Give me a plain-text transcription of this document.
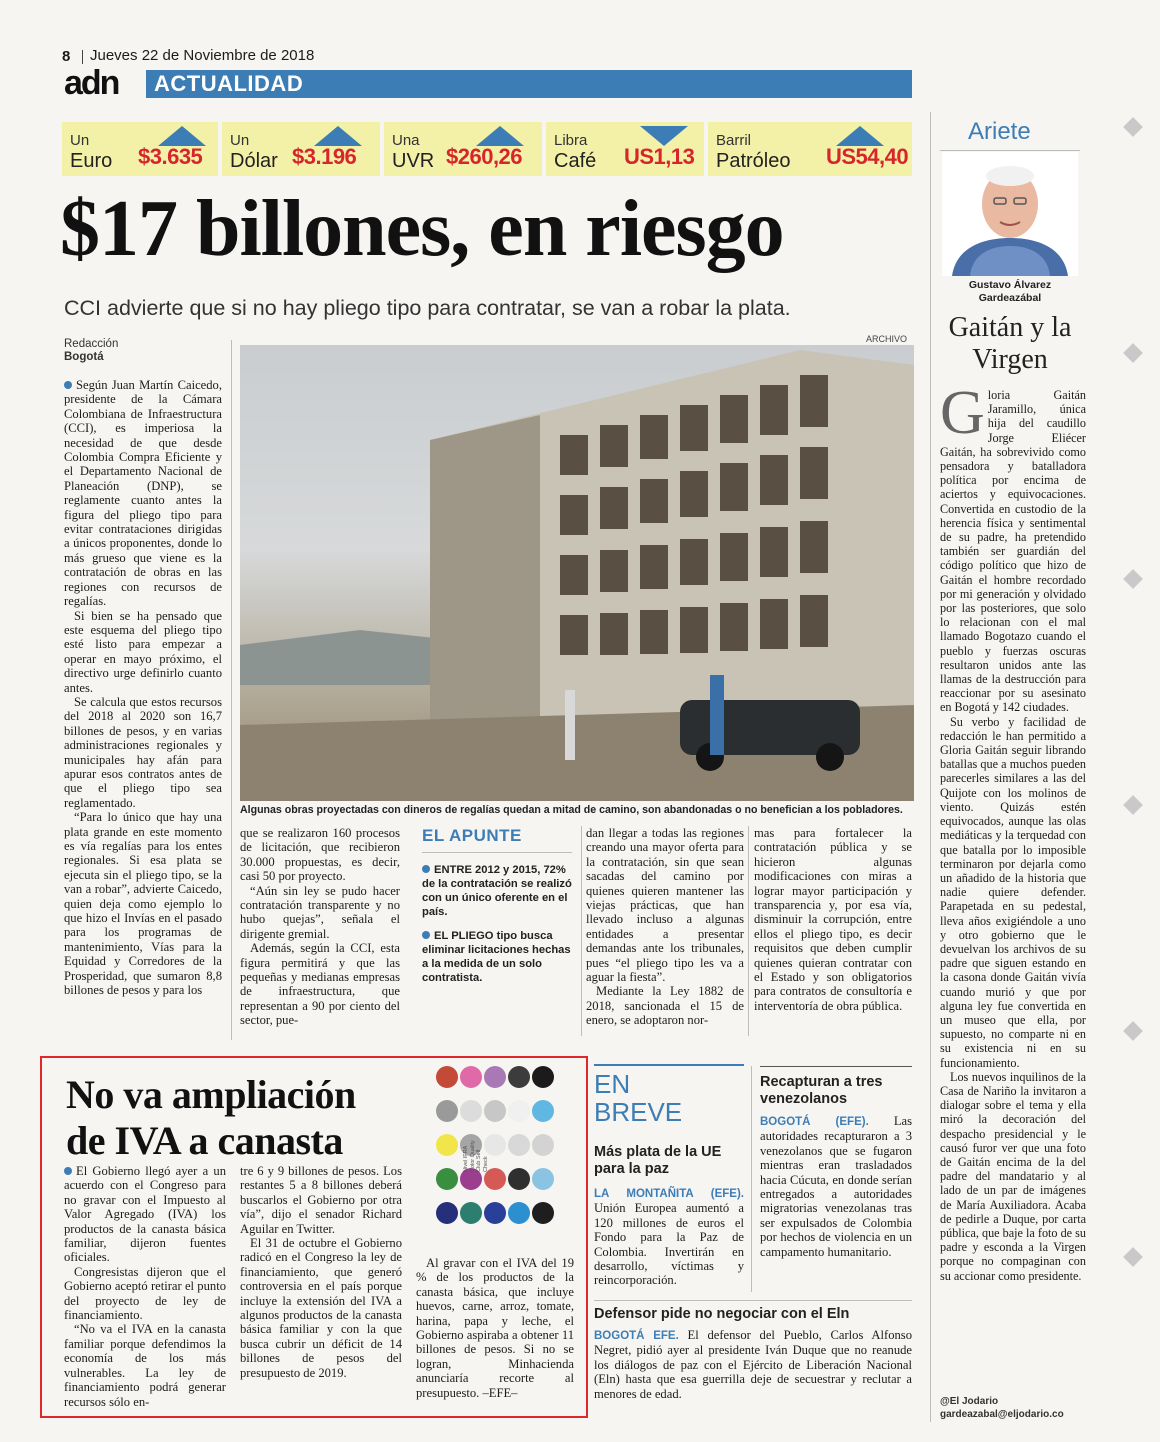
8 Jueves 22 de Noviembre de 2018
adn ACTUALIDAD
Un
Euro $3.635
Un
Dólar $3.196
Una
UVR $260,26
Libra
Café US1,13
Barril
Patróleo US54,40
$17 billones, en riesgo
CCI advierte que si no hay pliego tipo para contratar, se van a robar la plata.
Redacción
Bogotá
ARCHIVO
Algunas obras proyectadas con dineros de regalías quedan a mitad de camino, son abandonadas o no benefician a los pobladores.

Según Juan Martín Caicedo, presidente de la Cámara Colombiana de Infraestructura (CCI), es imperiosa la necesidad de que desde Colombia Compra Eficiente y el Departamento Nacional de Planeación (DNP), se reglamente cuanto antes la figura del pliego tipo para evitar contrataciones dirigidas a únicos proponentes, donde lo más grueso que viene es la contratación de obras en las regiones con recursos de regalías.

Si bien se ha pensado que este esquema del pliego tipo esté listo para empezar a operar en mayo próximo, el directivo urge definirlo cuanto antes.

Se calcula que estos recursos del 2018 al 2020 son 16,7 billones de pesos, y en varias administraciones regionales y municipales hay afán para apurar esos contratos antes de que el pliego tipo sea reglamentado.

“Para lo único que hay una plata grande en este momento es vía regalías para los entes regionales. Si esa plata se ejecuta sin el pliego tipo, se la van a robar”, advierte Caicedo, quien deja como ejemplo lo que hizo el Invías en el pasado para los programas de mantenimiento, Vías para la Equidad y Corredores de la Prosperidad, que sumaron 8,8 billones de pesos y para los

que se realizaron 160 procesos de licitación, que recibieron 30.000 propuestas, es decir, casi 50 por proyecto.

“Aún sin ley se pudo hacer contratación transparente y no hubo quejas”, señala el dirigente gremial.

Además, según la CCI, esta figura permitirá y que las pequeñas y medianas empresas de infraestructura, que representan a 90 por ciento del sector, pue-

EL APUNTE
ENTRE 2012 y 2015, 72% de la contratación se realizó con un único oferente en el país.
EL PLIEGO tipo busca eliminar licitaciones hechas a la medida de un solo contratista.

dan llegar a todas las regiones creando una mayor oferta para la contratación, sin que sean sacadas del camino por quienes quieren mantener las viejas prácticas, que han llevado incluso a algunas entidades a presentar demandas ante los tribunales, pues “el pliego tipo les va a aguar la fiesta”.

Mediante la Ley 1882 de 2018, sancionada el 15 de enero, se adoptaron nor-

mas para fortalecer la contratación pública y se hicieron algunas modificaciones con miras a lograr mayor participación y transparencia y, por esa vía, disminuir la corrupción, entre ellos el pliego tipo, es decir requisitos que deben cumplir quienes quieran contratar con el Estado y son obligatorios para contratos de consultoría e interventoría de obra pública.

No va ampliación
de IVA a canasta	Nivel IFRA Color Quality Club Self Check

El Gobierno llegó ayer a un acuerdo con el Congreso para no gravar con el Impuesto al Valor Agregado (IVA) los productos de la canasta básica familiar, dijeron fuentes oficiales.

Congresistas dijeron que el Gobierno aceptó retirar el punto del proyecto de ley de financiamiento.

“No va el IVA en la canasta familiar porque defendimos la economía de los más vulnerables. La ley de financiamiento podrá generar recursos sólo en-

tre 6 y 9 billones de pesos. Los restantes 5 a 8 billones deberá buscarlos el Gobierno por otra vía”, dijo el senador Richard Aguilar en Twitter.

El 31 de octubre el Gobierno radicó en el Congreso la ley de financiamiento, que generó controversia en el país porque incluye la extensión del IVA a algunos productos de la canasta básica familiar y con la que busca cubrir un déficit de 14 billones de pesos del presupuesto de 2019.

Al gravar con el IVA del 19 % de los productos de la canasta básica, que incluye huevos, carne, arroz, tomate, harina, papa y leche, el Gobierno aspiraba a obtener 11 billones de pesos. Si no se logran, Minhacienda anunciaría recorte al presupuesto. –EFE–

EN
BREVE
Más plata de la UE para la paz
LA MONTAÑITA (EFE). Unión Europea aumentó a 120 millones de euros el Fondo para la Paz de Colombia. Invertirán en desarrollo, víctimas y reincorporación.
Recapturan a tres venezolanos
BOGOTÁ (EFE). Las autoridades recapturaron a 3 venezolanos que se fugaron mientras eran trasladados hacia Cúcuta, en donde serían entregados a autoridades migratorias venezolanas tras ser expulsados de Colombia por hechos de violencia en un campamento humanitario.
Defensor pide no negociar con el Eln
BOGOTÁ EFE. El defensor del Pueblo, Carlos Alfonso Negret, pidió ayer al presidente Iván Duque que no reanude los diálogos de paz con el Ejército de Liberación Nacional (Eln) hasta que esa guerrilla deje de secuestrar y reclutar a menores de edad.
Ariete
Gustavo Álvarez
Gardeazábal
Gaitán y la
Virgen

Gloria Gaitán Jaramillo, única hija del caudillo Jorge Eliécer Gaitán, ha sobrevivido como pensadora y batalladora política por encima de aciertos y equivocaciones. Convertida en custodio de la herencia física y sentimental de su padre, ha pretendido también ser guardián del código político que hizo de Gaitán el hombre recordado por mi generación y olvidado por las posteriores, que solo lo relacionan con el mal llamado Bogotazo cuando el pueblo y fuerzas oscuras resultaron unidos ante las llamas de la destrucción para reaccionar por su asesinato en Bogotá y 142 ciudades.

Su verbo y facilidad de redacción le han permitido a Gloria Gaitán seguir librando batallas que a muchos pueden parecerles similares a las del Quijote con los molinos de viento. Quizás estén equivocados, aunque las olas mediáticas y la terquedad con que batalla por lo imposible terminaron por dejarla como un añadido de la historia que nadie quiere defender. Parapetada en su pedestal, lleva años exigiéndole a uno y otro gobierno que le devuelvan los archivos de su padre que siguen estando en la casona donde Gaitán vivía cuando murió y que por alguna ley fue convertida en un museo que ella, por supuesto, no comparte ni en su existencia ni en su funcionamiento.

Los nuevos inquilinos de la Casa de Nariño la invitaron a dialogar sobre el tema y ella miró la decoración del despacho presidencial y le causó furor ver que una foto de Gaitán encima de la del padre del mandatario y al lado de un par de imágenes de María Auxiliadora. Acaba de pedirle a Duque, por carta pública, que baje la foto de su padre y esconda a la Virgen porque no compaginan con su accionar como presidente.

@El Jodario
gardeazabal@eljodario.co
